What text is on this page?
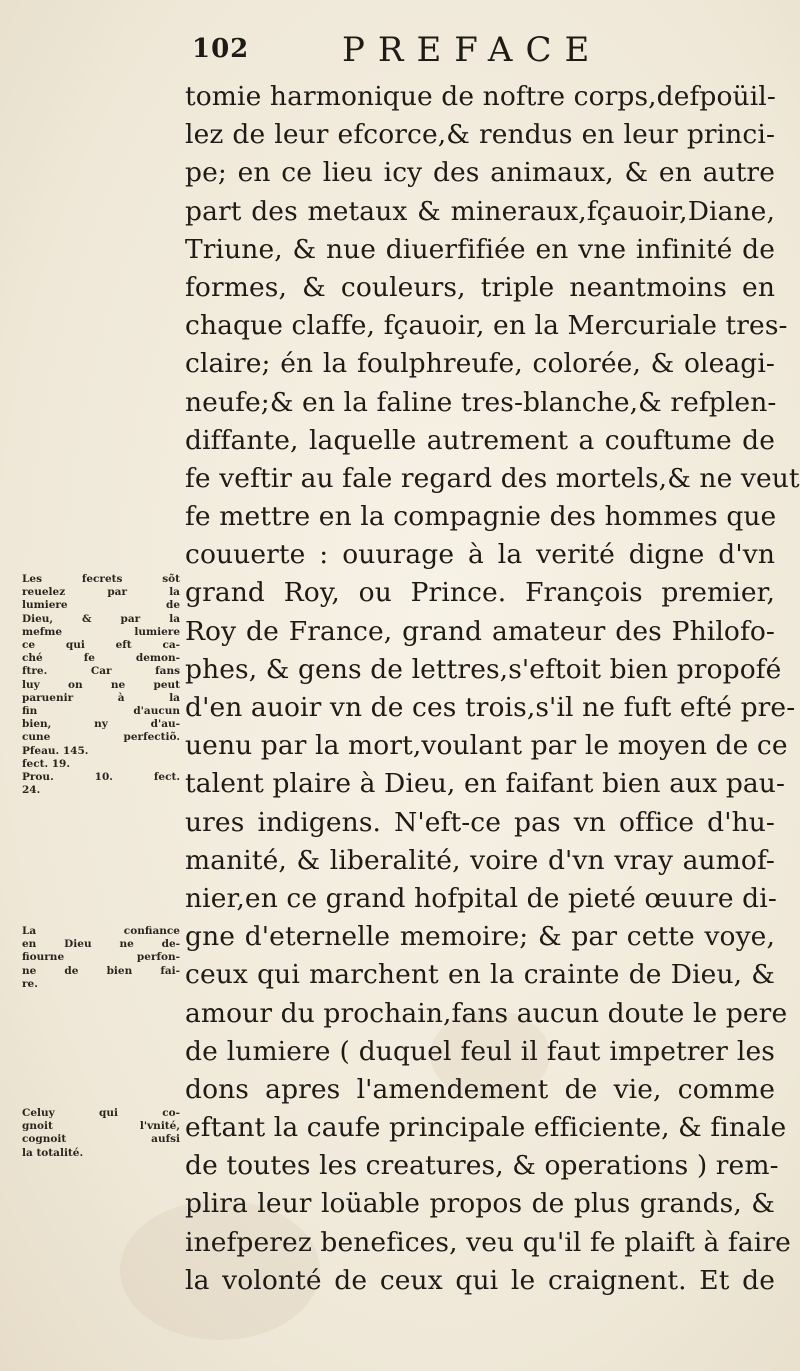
102	PREFACE
tomie harmonique de noftre corps,defpoüil-
lez de leur efcorce,& rendus en leur princi-
pe; en ce lieu icy des animaux, & en autre
part des metaux & mineraux,fçauoir,Diane,
Triune, & nue diuerfifiée en vne infinité de
formes, & couleurs, triple neantmoins en
chaque claffe, fçauoir, en la Mercuriale tres-
claire; én la foulphreufe, colorée, & oleagi-
neufe;& en la faline tres-blanche,& refplen-
diffante, laquelle autrement a couftume de
fe veftir au fale regard des mortels,& ne veut
fe mettre en la compagnie des hommes que
couuerte : ouurage à la verité digne d'vn
grand Roy, ou Prince. François premier,
Roy de France, grand amateur des Philofo-
phes, & gens de lettres,s'eftoit bien propofé
d'en auoir vn de ces trois,s'il ne fuft efté pre-
uenu par la mort,voulant par le moyen de ce
talent plaire à Dieu, en faifant bien aux pau-
ures indigens. N'eft-ce pas vn office d'hu-
manité, & liberalité, voire d'vn vray aumof-
nier,en ce grand hofpital de pieté œuure di-
gne d'eternelle memoire; & par cette voye,
ceux qui marchent en la crainte de Dieu, &
amour du prochain,fans aucun doute le pere
de lumiere ( duquel feul il faut impetrer les
dons apres l'amendement de vie, comme
eftant la caufe principale efficiente, & finale
de toutes les creatures, & operations ) rem-
plira leur loüable propos de plus grands, &
inefperez benefices, veu qu'il fe plaift à faire
la volonté de ceux qui le craignent. Et de
Les fecrets sõt
reuelez par la
lumiere de
Dieu, & par la
mefme lumiere
ce qui eft ca-
ché fe demon-
ftre. Car fans
luy on ne peut
paruenir à la
fin d'aucun
bien, ny d'au-
cune perfectiõ.
Pfeau. 145.
fect. 19.
Prou. 10. fect.
24.
La confiance
en Dieu ne de-
fiourne perfon-
ne de bien fai-
re.
Celuy qui co-
gnoit l'vnité,
cognoit aufsi
la totalité.
